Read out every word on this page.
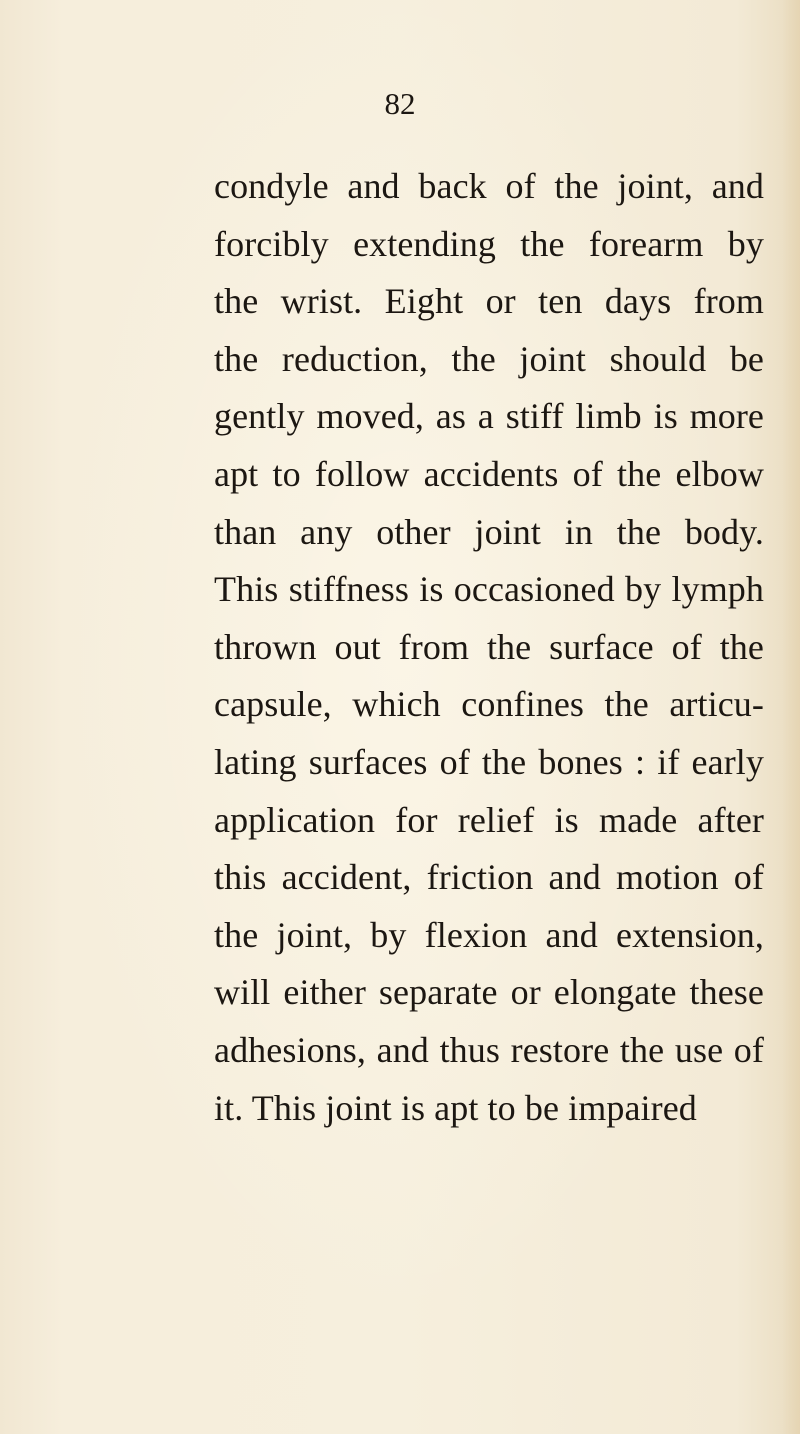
82
condyle and back of the joint, and
forcibly extending the forearm by
the wrist. Eight or ten days from
the reduction, the joint should be
gently moved, as a stiff limb is more
apt to follow accidents of the elbow
than any other joint in the body.
This stiffness is occasioned by lymph
thrown out from the surface of the
capsule, which confines the articu-
lating surfaces of the bones : if early
application for relief is made after
this accident, friction and motion of
the joint, by flexion and extension,
will either separate or elongate these
adhesions, and thus restore the use of
it. This joint is apt to be impaired
